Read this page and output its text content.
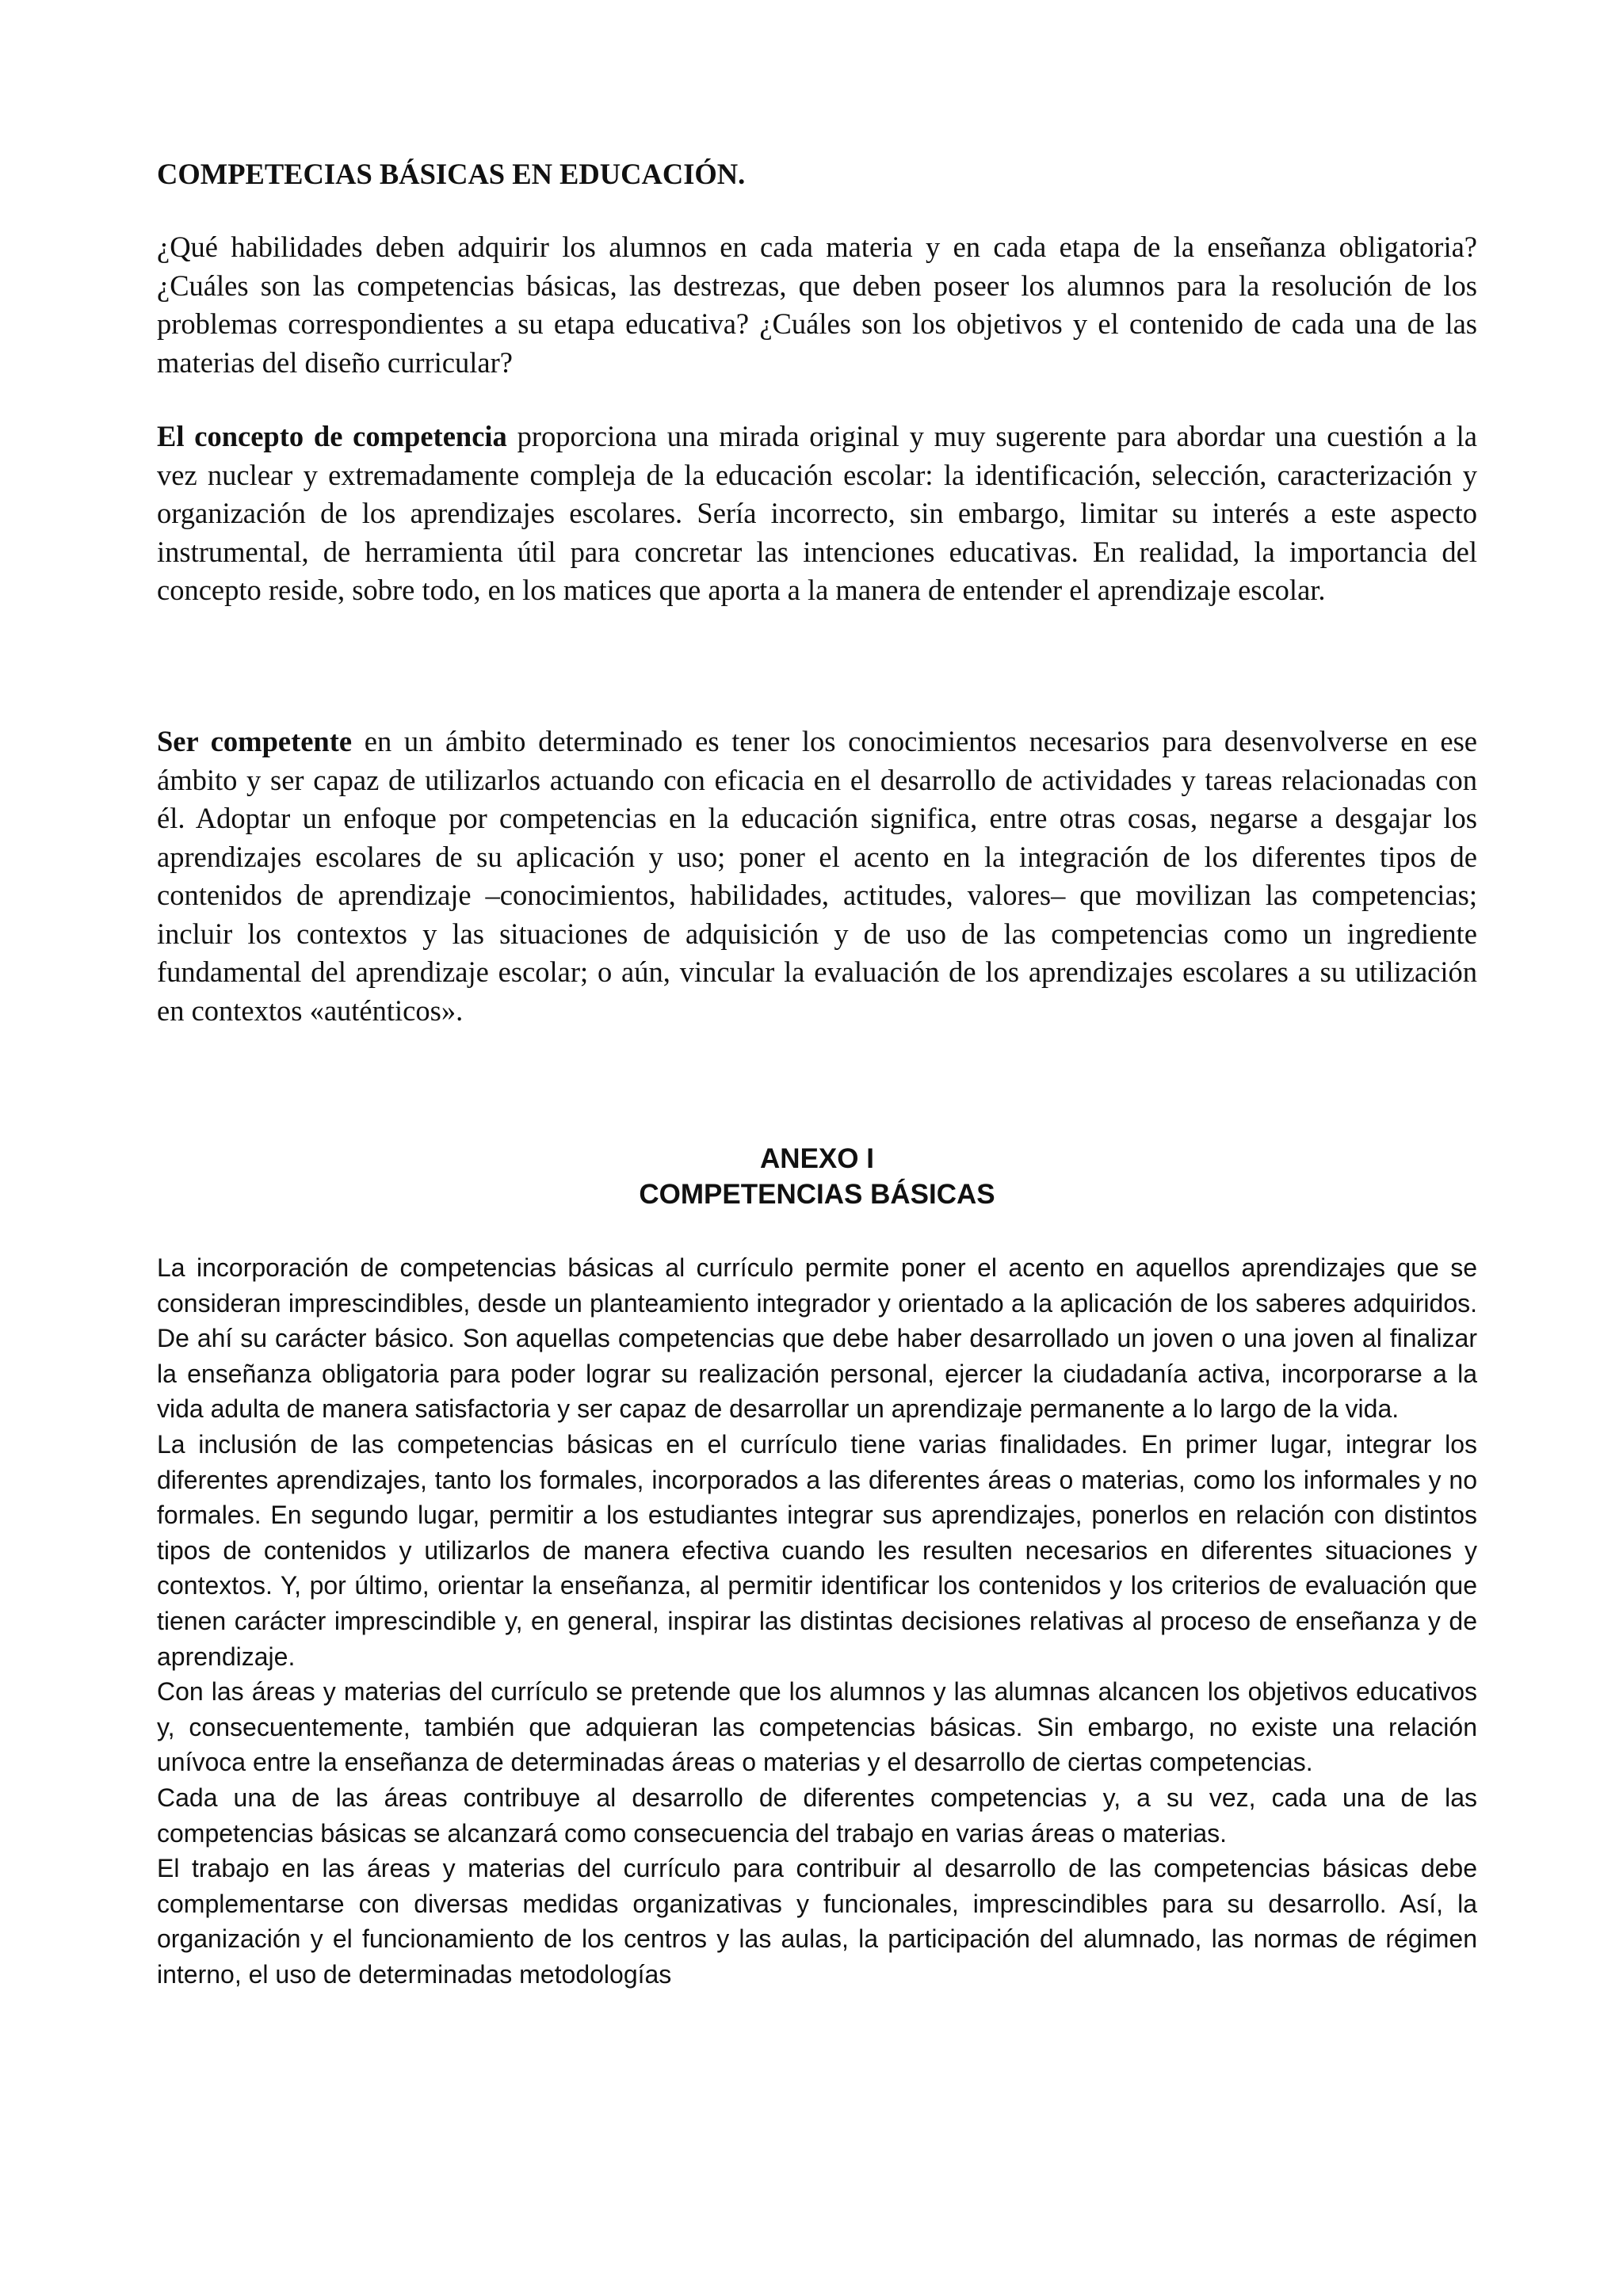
COMPETECIAS BÁSICAS EN EDUCACIÓN.

¿Qué habilidades deben adquirir los alumnos en cada materia y en cada etapa de la enseñanza obligatoria? ¿Cuáles son las competencias básicas, las destrezas, que deben poseer los alumnos para la resolución de los problemas correspondientes a su etapa educativa? ¿Cuáles son los objetivos y el contenido de cada una de las materias del diseño curricular?

El concepto de competencia proporciona una mirada original y muy sugerente para abordar una cuestión a la vez nuclear y extremadamente compleja de la educación escolar: la identificación, selección, caracterización y organización de los aprendizajes escolares. Sería incorrecto, sin embargo, limitar su interés a este aspecto instrumental, de herramienta útil para concretar las intenciones educativas. En realidad, la importancia del concepto reside, sobre todo, en los matices que aporta a la manera de entender el aprendizaje escolar.

Ser competente en un ámbito determinado es tener los conocimientos necesarios para desenvolverse en ese ámbito y ser capaz de utilizarlos actuando con eficacia en el desarrollo de actividades y tareas relacionadas con él. Adoptar un enfoque por competencias en la educación significa, entre otras cosas, negarse a desgajar los aprendizajes escolares de su aplicación y uso; poner el acento en la integración de los diferentes tipos de contenidos de aprendizaje –conocimientos, habilidades, actitudes, valores– que movilizan las competencias; incluir los contextos y las situaciones de adquisición y de uso de las competencias como un ingrediente fundamental del aprendizaje escolar; o aún, vincular la evaluación de los aprendizajes escolares a su utilización en contextos «auténticos».

ANEXO I
COMPETENCIAS BÁSICAS

La incorporación de competencias básicas al currículo permite poner el acento en aquellos aprendizajes que se consideran imprescindibles, desde un planteamiento integrador y orientado a la aplicación de los saberes adquiridos. De ahí su carácter básico. Son aquellas competencias que debe haber desarrollado un joven o una joven al finalizar la enseñanza obligatoria para poder lograr su realización personal, ejercer la ciudadanía activa, incorporarse a la vida adulta de manera satisfactoria y ser capaz de desarrollar un aprendizaje permanente a lo largo de la vida.

La inclusión de las competencias básicas en el currículo tiene varias finalidades. En primer lugar, integrar los diferentes aprendizajes, tanto los formales, incorporados a las diferentes áreas o materias, como los informales y no formales. En segundo lugar, permitir a los estudiantes integrar sus aprendizajes, ponerlos en relación con distintos tipos de contenidos y utilizarlos de manera efectiva cuando les resulten necesarios en diferentes situaciones y contextos. Y, por último, orientar la enseñanza, al permitir identificar los contenidos y los criterios de evaluación que tienen carácter imprescindible y, en general, inspirar las distintas decisiones relativas al proceso de enseñanza y de aprendizaje.

Con las áreas y materias del currículo se pretende que los alumnos y las alumnas alcancen los objetivos educativos y, consecuentemente, también que adquieran las competencias básicas. Sin embargo, no existe una relación unívoca entre la enseñanza de determinadas áreas o materias y el desarrollo de ciertas competencias.

Cada una de las áreas contribuye al desarrollo de diferentes competencias y, a su vez, cada una de las competencias básicas se alcanzará como consecuencia del trabajo en varias áreas o materias.

El trabajo en las áreas y materias del currículo para contribuir al desarrollo de las competencias básicas debe complementarse con diversas medidas organizativas y funcionales, imprescindibles para su desarrollo. Así, la organización y el funcionamiento de los centros y las aulas, la participación del alumnado, las normas de régimen interno, el uso de determinadas metodologías
